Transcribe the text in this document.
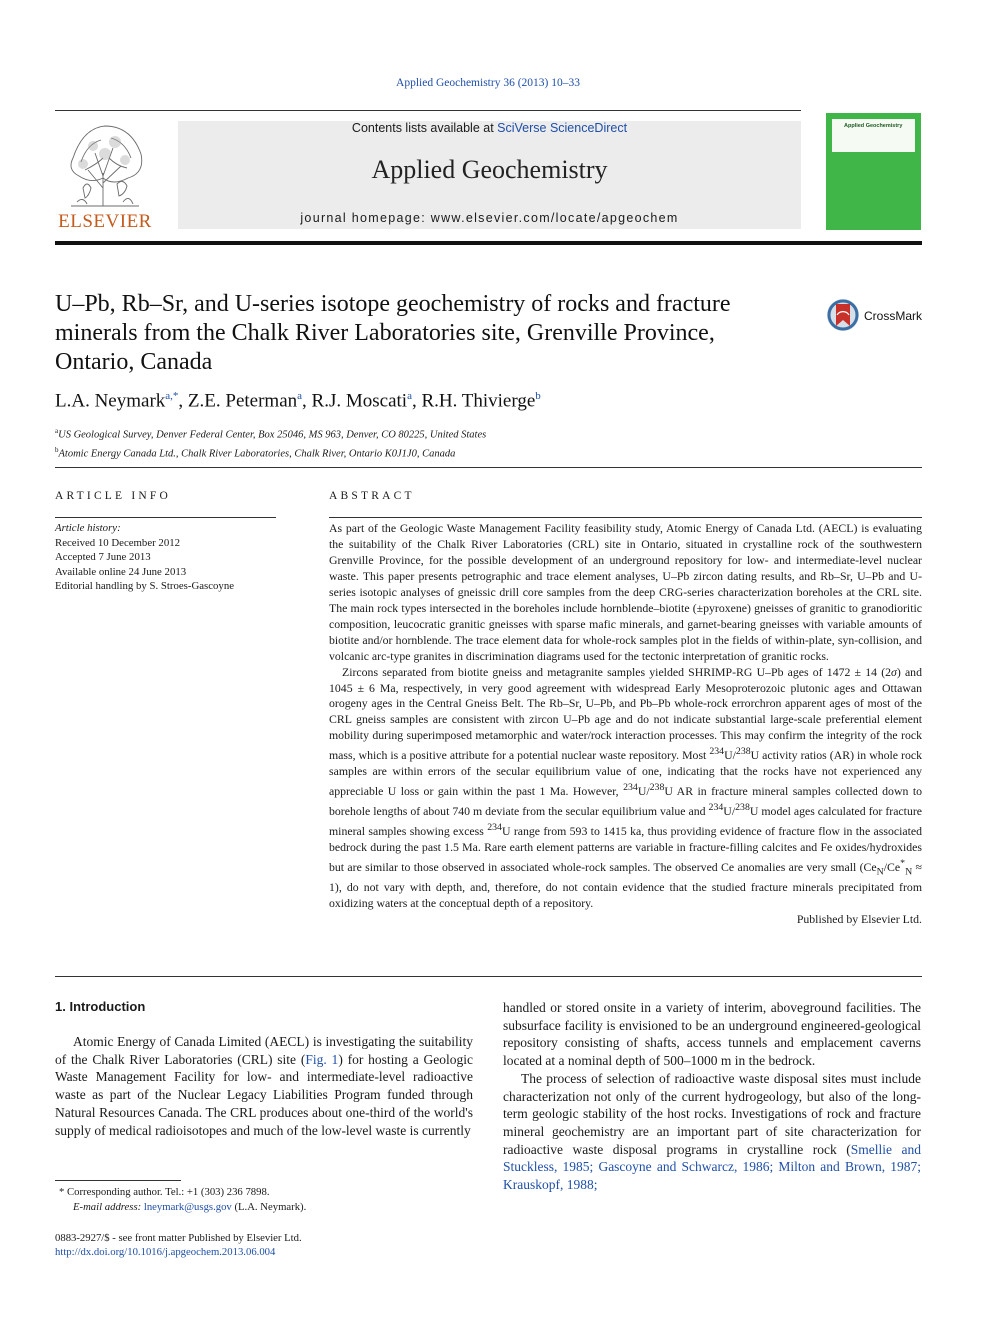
Applied Geochemistry 36 (2013) 10–33
ELSEVIER
Contents lists available at SciVerse ScienceDirect
Applied Geochemistry
journal homepage: www.elsevier.com/locate/apgeochem
Applied Geochemistry
U–Pb, Rb–Sr, and U-series isotope geochemistry of rocks and fracture minerals from the Chalk River Laboratories site, Grenville Province, Ontario, Canada
CrossMark
L.A. Neymark$^{a,*}$, Z.E. Peterman$^a$, R.J. Moscati$^a$, R.H. Thivierge$^b$
$^a$US Geological Survey, Denver Federal Center, Box 25046, MS 963, Denver, CO 80225, United States
$^b$Atomic Energy Canada Ltd., Chalk River Laboratories, Chalk River, Ontario K0J1J0, Canada
ARTICLE INFO
Article history:
Received 10 December 2012
Accepted 7 June 2013
Available online 24 June 2013
Editorial handling by S. Stroes-Gascoyne
ABSTRACT

As part of the Geologic Waste Management Facility feasibility study, Atomic Energy of Canada Ltd. (AECL) is evaluating the suitability of the Chalk River Laboratories (CRL) site in Ontario, situated in crystalline rock of the southwestern Grenville Province, for the possible development of an underground repository for low- and intermediate-level nuclear waste. This paper presents petrographic and trace element analyses, U–Pb zircon dating results, and Rb–Sr, U–Pb and U-series isotopic analyses of gneissic drill core samples from the deep CRG-series characterization boreholes at the CRL site. The main rock types intersected in the boreholes include hornblende–biotite (±pyroxene) gneisses of granitic to granodioritic composition, leucocratic granitic gneisses with sparse mafic minerals, and garnet-bearing gneisses with variable amounts of biotite and/or hornblende. The trace element data for whole-rock samples plot in the fields of within-plate, syn-collision, and volcanic arc-type granites in discrimination diagrams used for the tectonic interpretation of granitic rocks.

Zircons separated from biotite gneiss and metagranite samples yielded SHRIMP-RG U–Pb ages of 1472 ± 14 (2σ) and 1045 ± 6 Ma, respectively, in very good agreement with widespread Early Mesoproterozoic plutonic ages and Ottawan orogeny ages in the Central Gneiss Belt. The Rb–Sr, U–Pb, and Pb–Pb whole-rock errorchron apparent ages of most of the CRL gneiss samples are consistent with zircon U–Pb age and do not indicate substantial large-scale preferential element mobility during superimposed metamorphic and water/rock interaction processes. This may confirm the integrity of the rock mass, which is a positive attribute for a potential nuclear waste repository. Most $^{234}$U/$^{238}$U activity ratios (AR) in whole rock samples are within errors of the secular equilibrium value of one, indicating that the rocks have not experienced any appreciable U loss or gain within the past 1 Ma. However, $^{234}$U/$^{238}$U AR in fracture mineral samples collected down to borehole lengths of about 740 m deviate from the secular equilibrium value and $^{234}$U/$^{238}$U model ages calculated for fracture mineral samples showing excess $^{234}$U range from 593 to 1415 ka, thus providing evidence of fracture flow in the associated bedrock during the past 1.5 Ma. Rare earth element patterns are variable in fracture-filling calcites and Fe oxides/hydroxides but are similar to those observed in associated whole-rock samples. The observed Ce anomalies are very small $(Ce_N/Ce^*_N \approx 1)$, do not vary with depth, and, therefore, do not contain evidence that the studied fracture minerals precipitated from oxidizing waters at the conceptual depth of a repository.

Published by Elsevier Ltd.
1. Introduction

Atomic Energy of Canada Limited (AECL) is investigating the suitability of the Chalk River Laboratories (CRL) site (Fig. 1) for hosting a Geologic Waste Management Facility for low- and intermediate-level radioactive waste as part of the Nuclear Legacy Liabilities Program funded through Natural Resources Canada. The CRL produces about one-third of the world's supply of medical radioisotopes and much of the low-level waste is currently

handled or stored onsite in a variety of interim, aboveground facilities. The subsurface facility is envisioned to be an underground engineered-geological repository consisting of shafts, access tunnels and emplacement caverns located at a nominal depth of 500–1000 m in the bedrock.

The process of selection of radioactive waste disposal sites must include characterization not only of the current hydrogeology, but also of the long-term geologic stability of the host rocks. Investigations of rock and fracture mineral geochemistry are an important part of site characterization for radioactive waste disposal programs in crystalline rock (Smellie and Stuckless, 1985; Gascoyne and Schwarcz, 1986; Milton and Brown, 1987; Krauskopf, 1988;

* Corresponding author. Tel.: +1 (303) 236 7898.
E-mail address: lneymark@usgs.gov (L.A. Neymark).
0883-2927/$ - see front matter Published by Elsevier Ltd.
http://dx.doi.org/10.1016/j.apgeochem.2013.06.004
